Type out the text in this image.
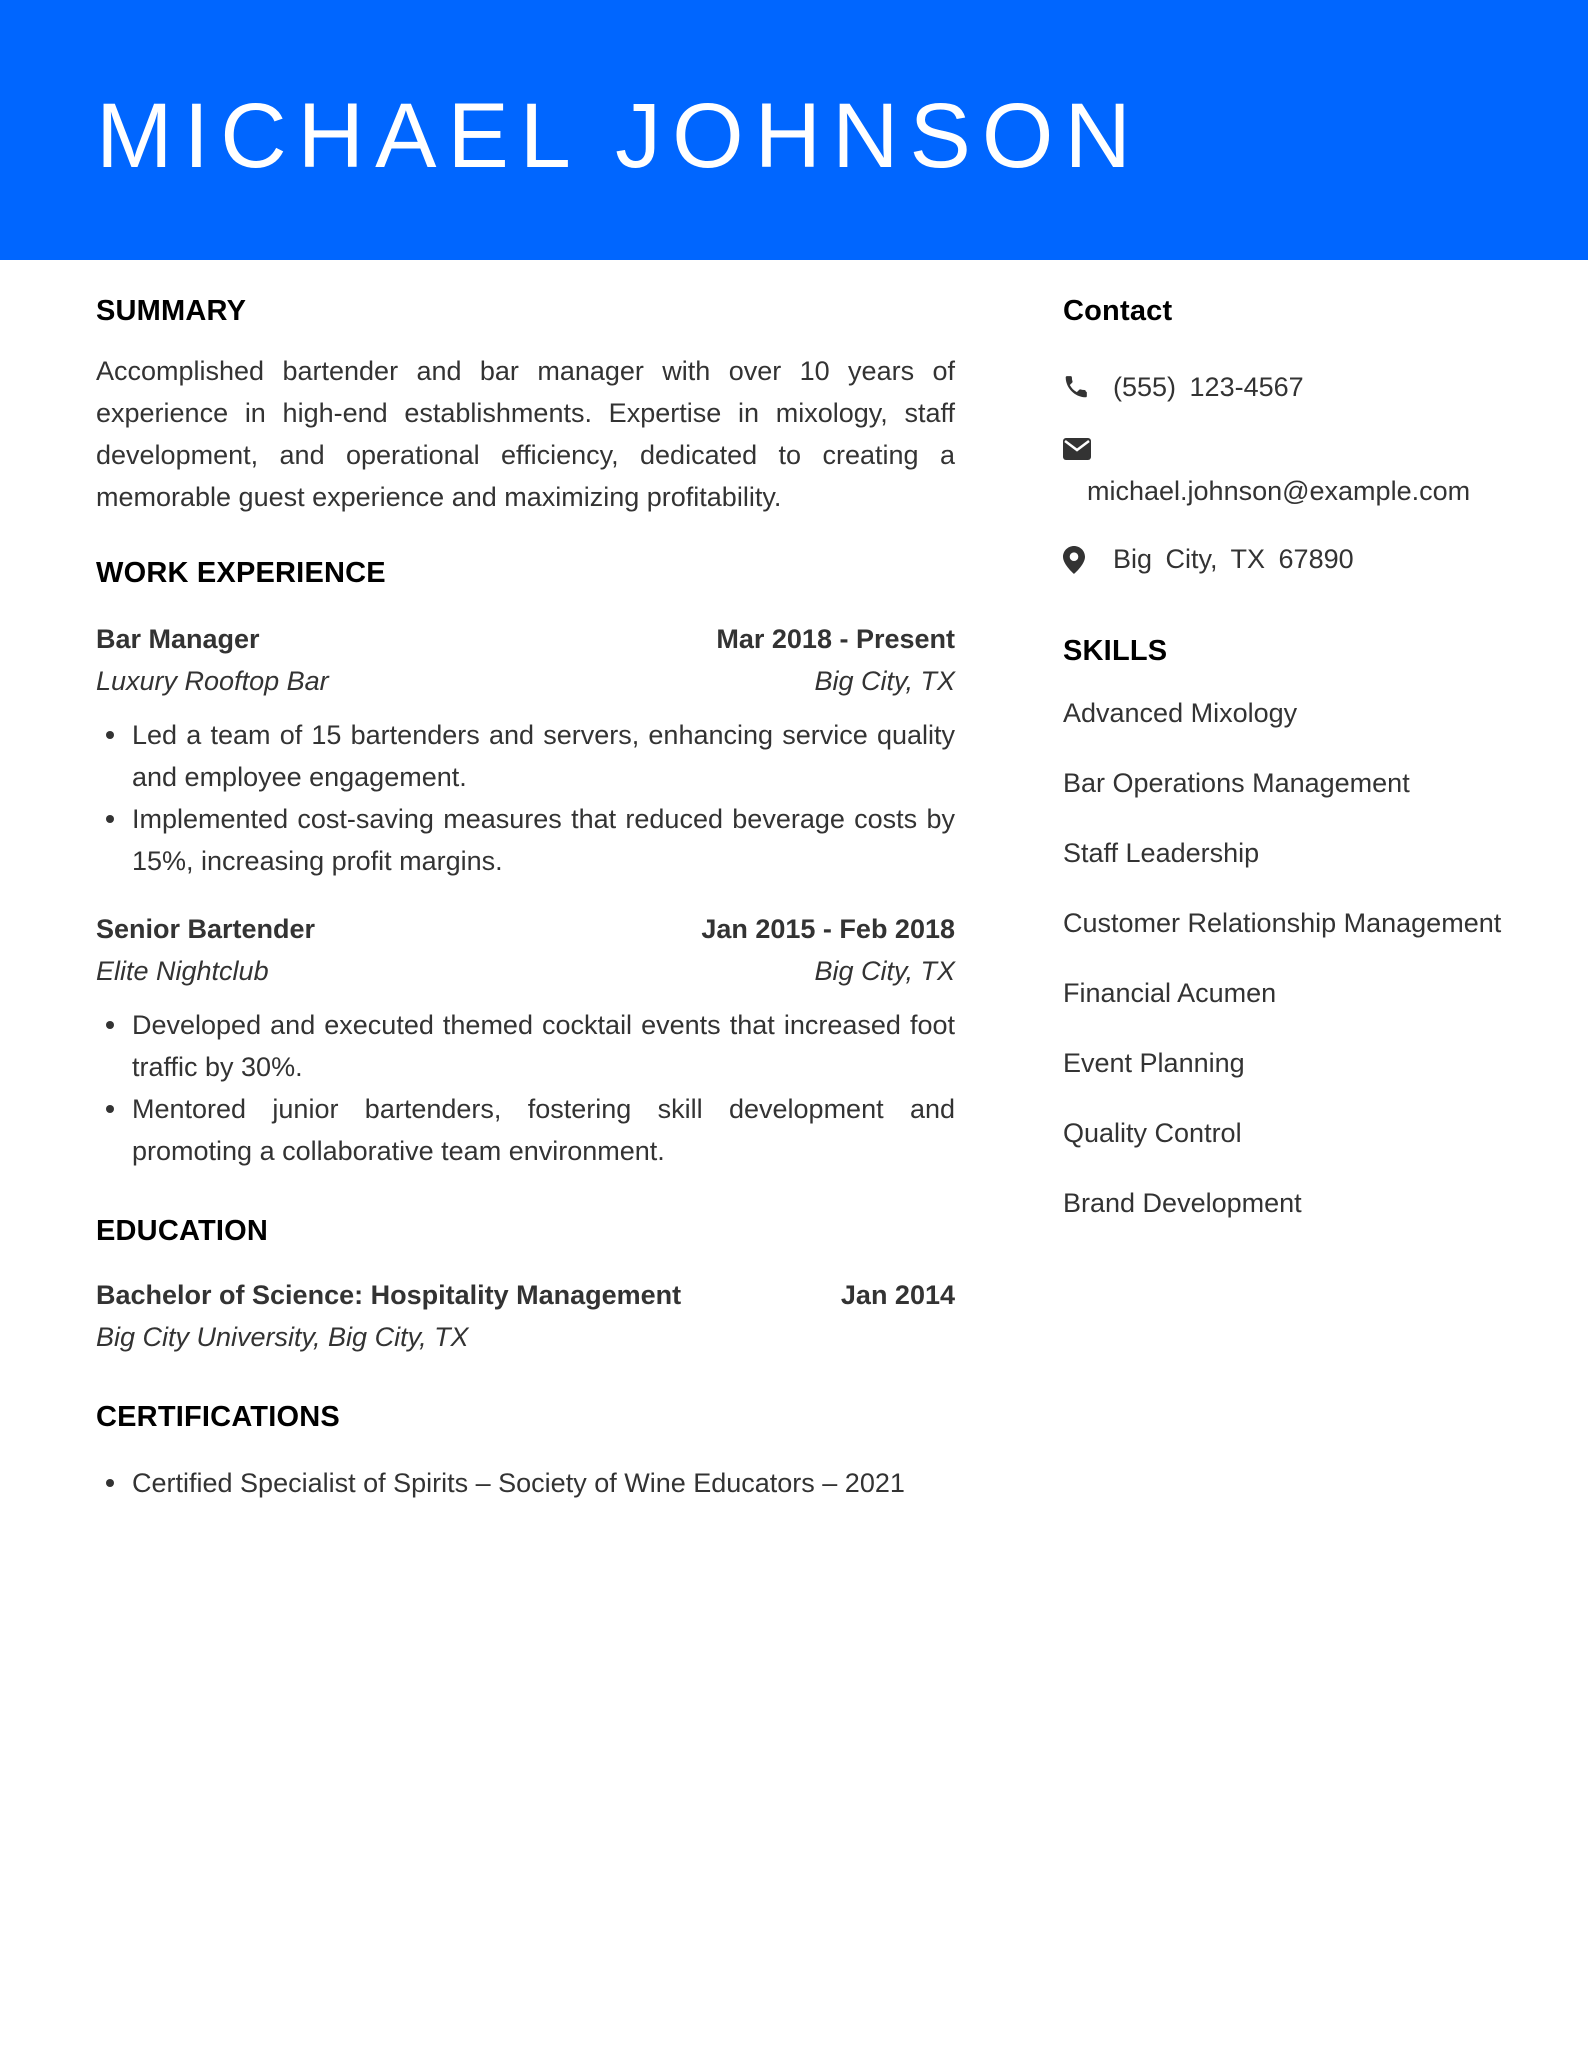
MICHAEL JOHNSON
SUMMARY

Accomplished bartender and bar manager with over 10 years of experience in high-end establishments. Expertise in mixology, staff development, and operational efficiency, dedicated to creating a memorable guest experience and maximizing profitability.

WORK EXPERIENCE
Bar Manager	Mar 2018 - Present
Luxury Rooftop Bar	Big City, TX
Led a team of 15 bartenders and servers, enhancing service quality and employee engagement.
Implemented cost-saving measures that reduced beverage costs by 15%, increasing profit margins.
Senior Bartender	Jan 2015 - Feb 2018
Elite Nightclub	Big City, TX
Developed and executed themed cocktail events that increased foot traffic by 30%.
Mentored junior bartenders, fostering skill development and promoting a collaborative team environment.
EDUCATION
Bachelor of Science: Hospitality Management	Jan 2014
Big City University, Big City, TX
CERTIFICATIONS
Certified Specialist of Spirits – Society of Wine Educators – 2021
Contact
(555) 123-4567
michael.johnson@example.com
Big City, TX 67890
SKILLS
Advanced Mixology
Bar Operations Management
Staff Leadership
Customer Relationship Management
Financial Acumen
Event Planning
Quality Control
Brand Development
